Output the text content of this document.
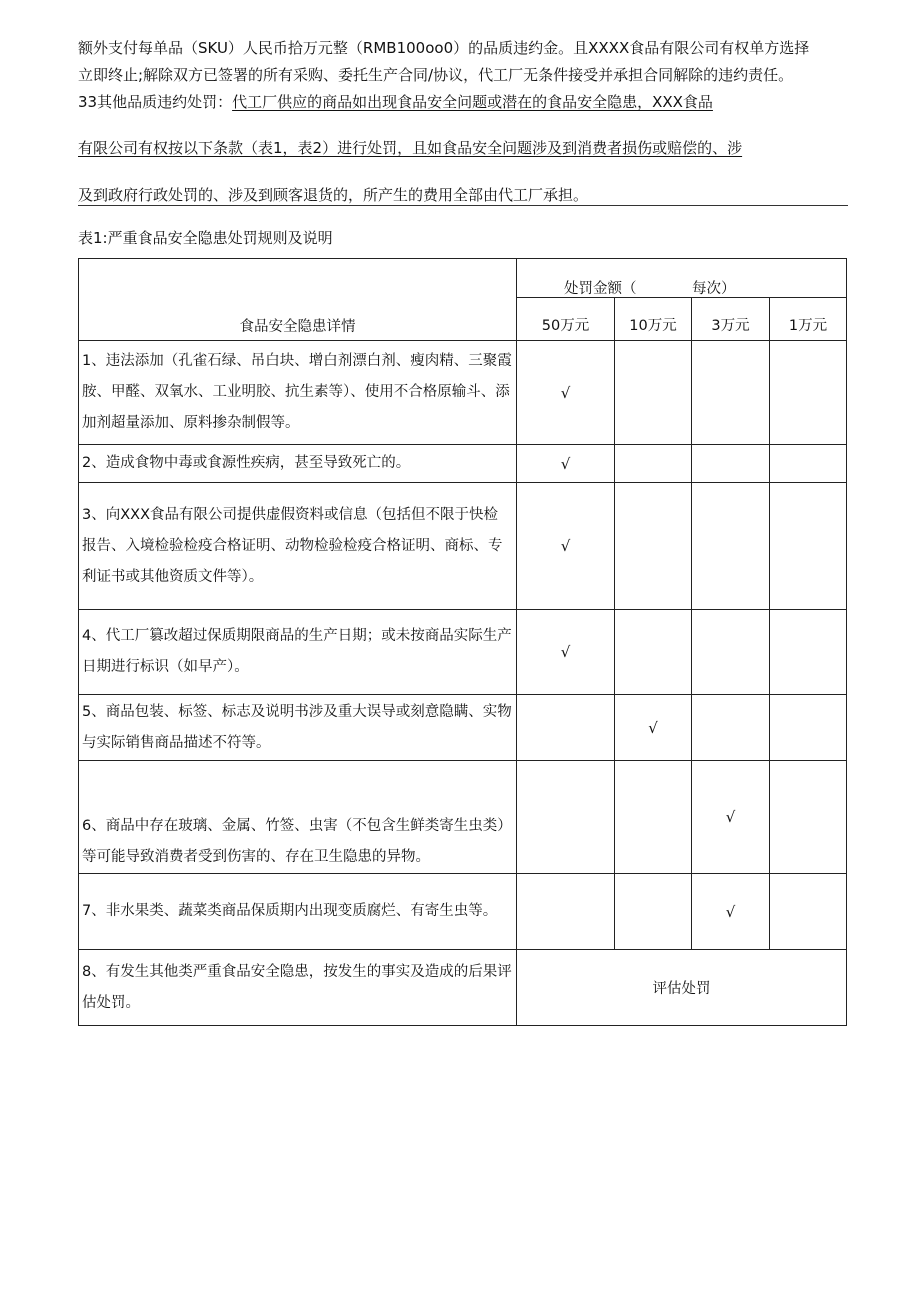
额外支付每单品（SKU）人民币拾万元整（RMB100oo0）的品质违约金。且XXXX食品有限公司有权单方选择
立即终止;解除双方已签署的所有采购、委托生产合同/协议，代工厂无条件接受并承担合同解除的违约责任。
33其他品质违约处罚：代工厂供应的商品如出现食品安全问题或潜在的食品安全隐患，XXX食品
有限公司有权按以下条款（表1，表2）进行处罚，且如食品安全问题涉及到消费者损伤或赔偿的、涉
及到政府行政处罚的、涉及到顾客退货的，所产生的费用全部由代工厂承担。
表1:严重食品安全隐患处罚规则及说明
食品安全隐患详情	处罚金额（ 每次）			

	50万元	10万元	3万元	1万元
1、违法添加（孔雀石绿、吊白块、增白剂漂白剂、瘦肉精、三聚霞胺、甲醛、双氧水、工业明胶、抗生素等）、使用不合格原输斗、添加剂超量添加、原料掺杂制假等。	√			
2、造成食物中毒或食源性疾病，甚至导致死亡的。	√			
3、向XXX食品有限公司提供虚假资料或信息（包括但不限于快检报告、入境检验检疫合格证明、动物检验检疫合格证明、商标、专利证书或其他资质文件等）。	√			
4、代工厂篡改超过保质期限商品的生产日期；或未按商品实际生产日期进行标识（如早产）。	√			
5、商品包装、标签、标志及说明书涉及重大误导或刻意隐瞒、实物与实际销售商品描述不符等。		√		
6、商品中存在玻璃、金属、竹签、虫害（不包含生鲜类寄生虫类）等可能导致消费者受到伤害的、存在卫生隐患的异物。			√	
7、非水果类、蔬菜类商品保质期内出现变质腐烂、有寄生虫等。			√	
8、有发生其他类严重食品安全隐患，按发生的事实及造成的后果评估处罚。	评估处罚			
